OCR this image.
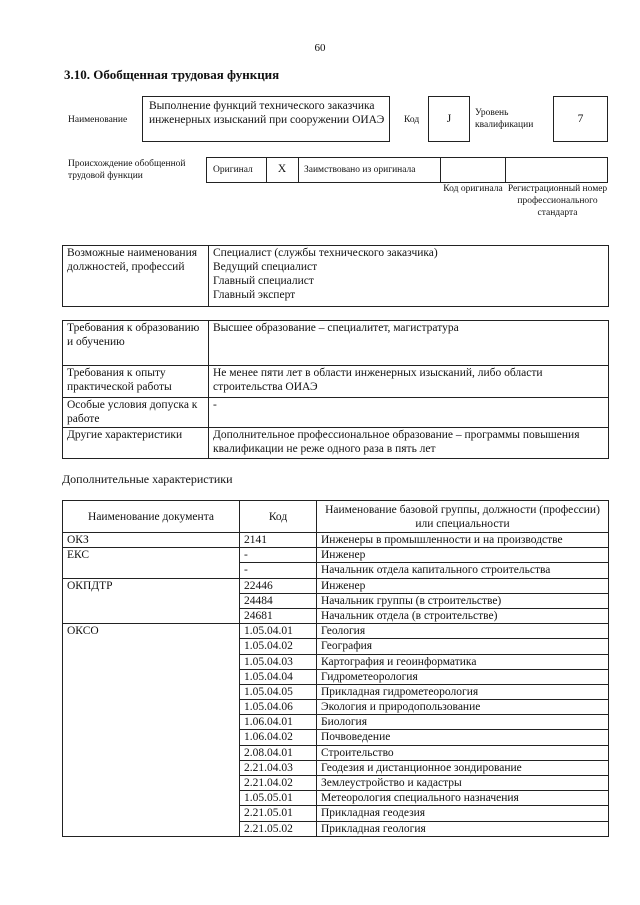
60
3.10. Обобщенная трудовая функция
Наименование
Выполнение функций технического заказчика инженерных изысканий при сооружении ОИАЭ Код	J	Уровень квалификации	7
Происхождение обобщенной трудовой функции
Оригинал	X	Заимствовано из оригинала
Код оригинала Регистрационный номер профессионального стандарта
Возможные наименования должностей, профессий	
Специалист (службы технического заказчика)
Ведущий специалист
Главный специалист
Главный эксперт
Требования к образованию и обучению	Высшее образование – специалитет, магистратура
Требования к опыту практической работы	Не менее пяти лет в области инженерных изысканий, либо области строительства ОИАЭ
Особые условия допуска к работе	-
Другие характеристики	Дополнительное профессиональное образование – программы повышения квалификации не реже одного раза в пять лет
Дополнительные характеристики
Наименование документа	Код	Наименование базовой группы, должности (профессии) или специальности
ОКЗ	2141	Инженеры в промышленности и на производстве
ЕКС	-	Инженер
	-	Начальник отдела капитального строительства
ОКПДТР	22446	Инженер
	24484	Начальник группы (в строительстве)
	24681	Начальник отдела (в строительстве)
ОКСО	1.05.04.01	Геология
	1.05.04.02	География
	1.05.04.03	Картография и геоинформатика
	1.05.04.04	Гидрометеорология
	1.05.04.05	Прикладная гидрометеорология
	1.05.04.06	Экология и природопользование
	1.06.04.01	Биология
	1.06.04.02	Почвоведение
	2.08.04.01	Строительство
	2.21.04.03	Геодезия и дистанционное зондирование
	2.21.04.02	Землеустройство и кадастры
	1.05.05.01	Метеорология специального назначения
	2.21.05.01	Прикладная геодезия
	2.21.05.02	Прикладная геология
